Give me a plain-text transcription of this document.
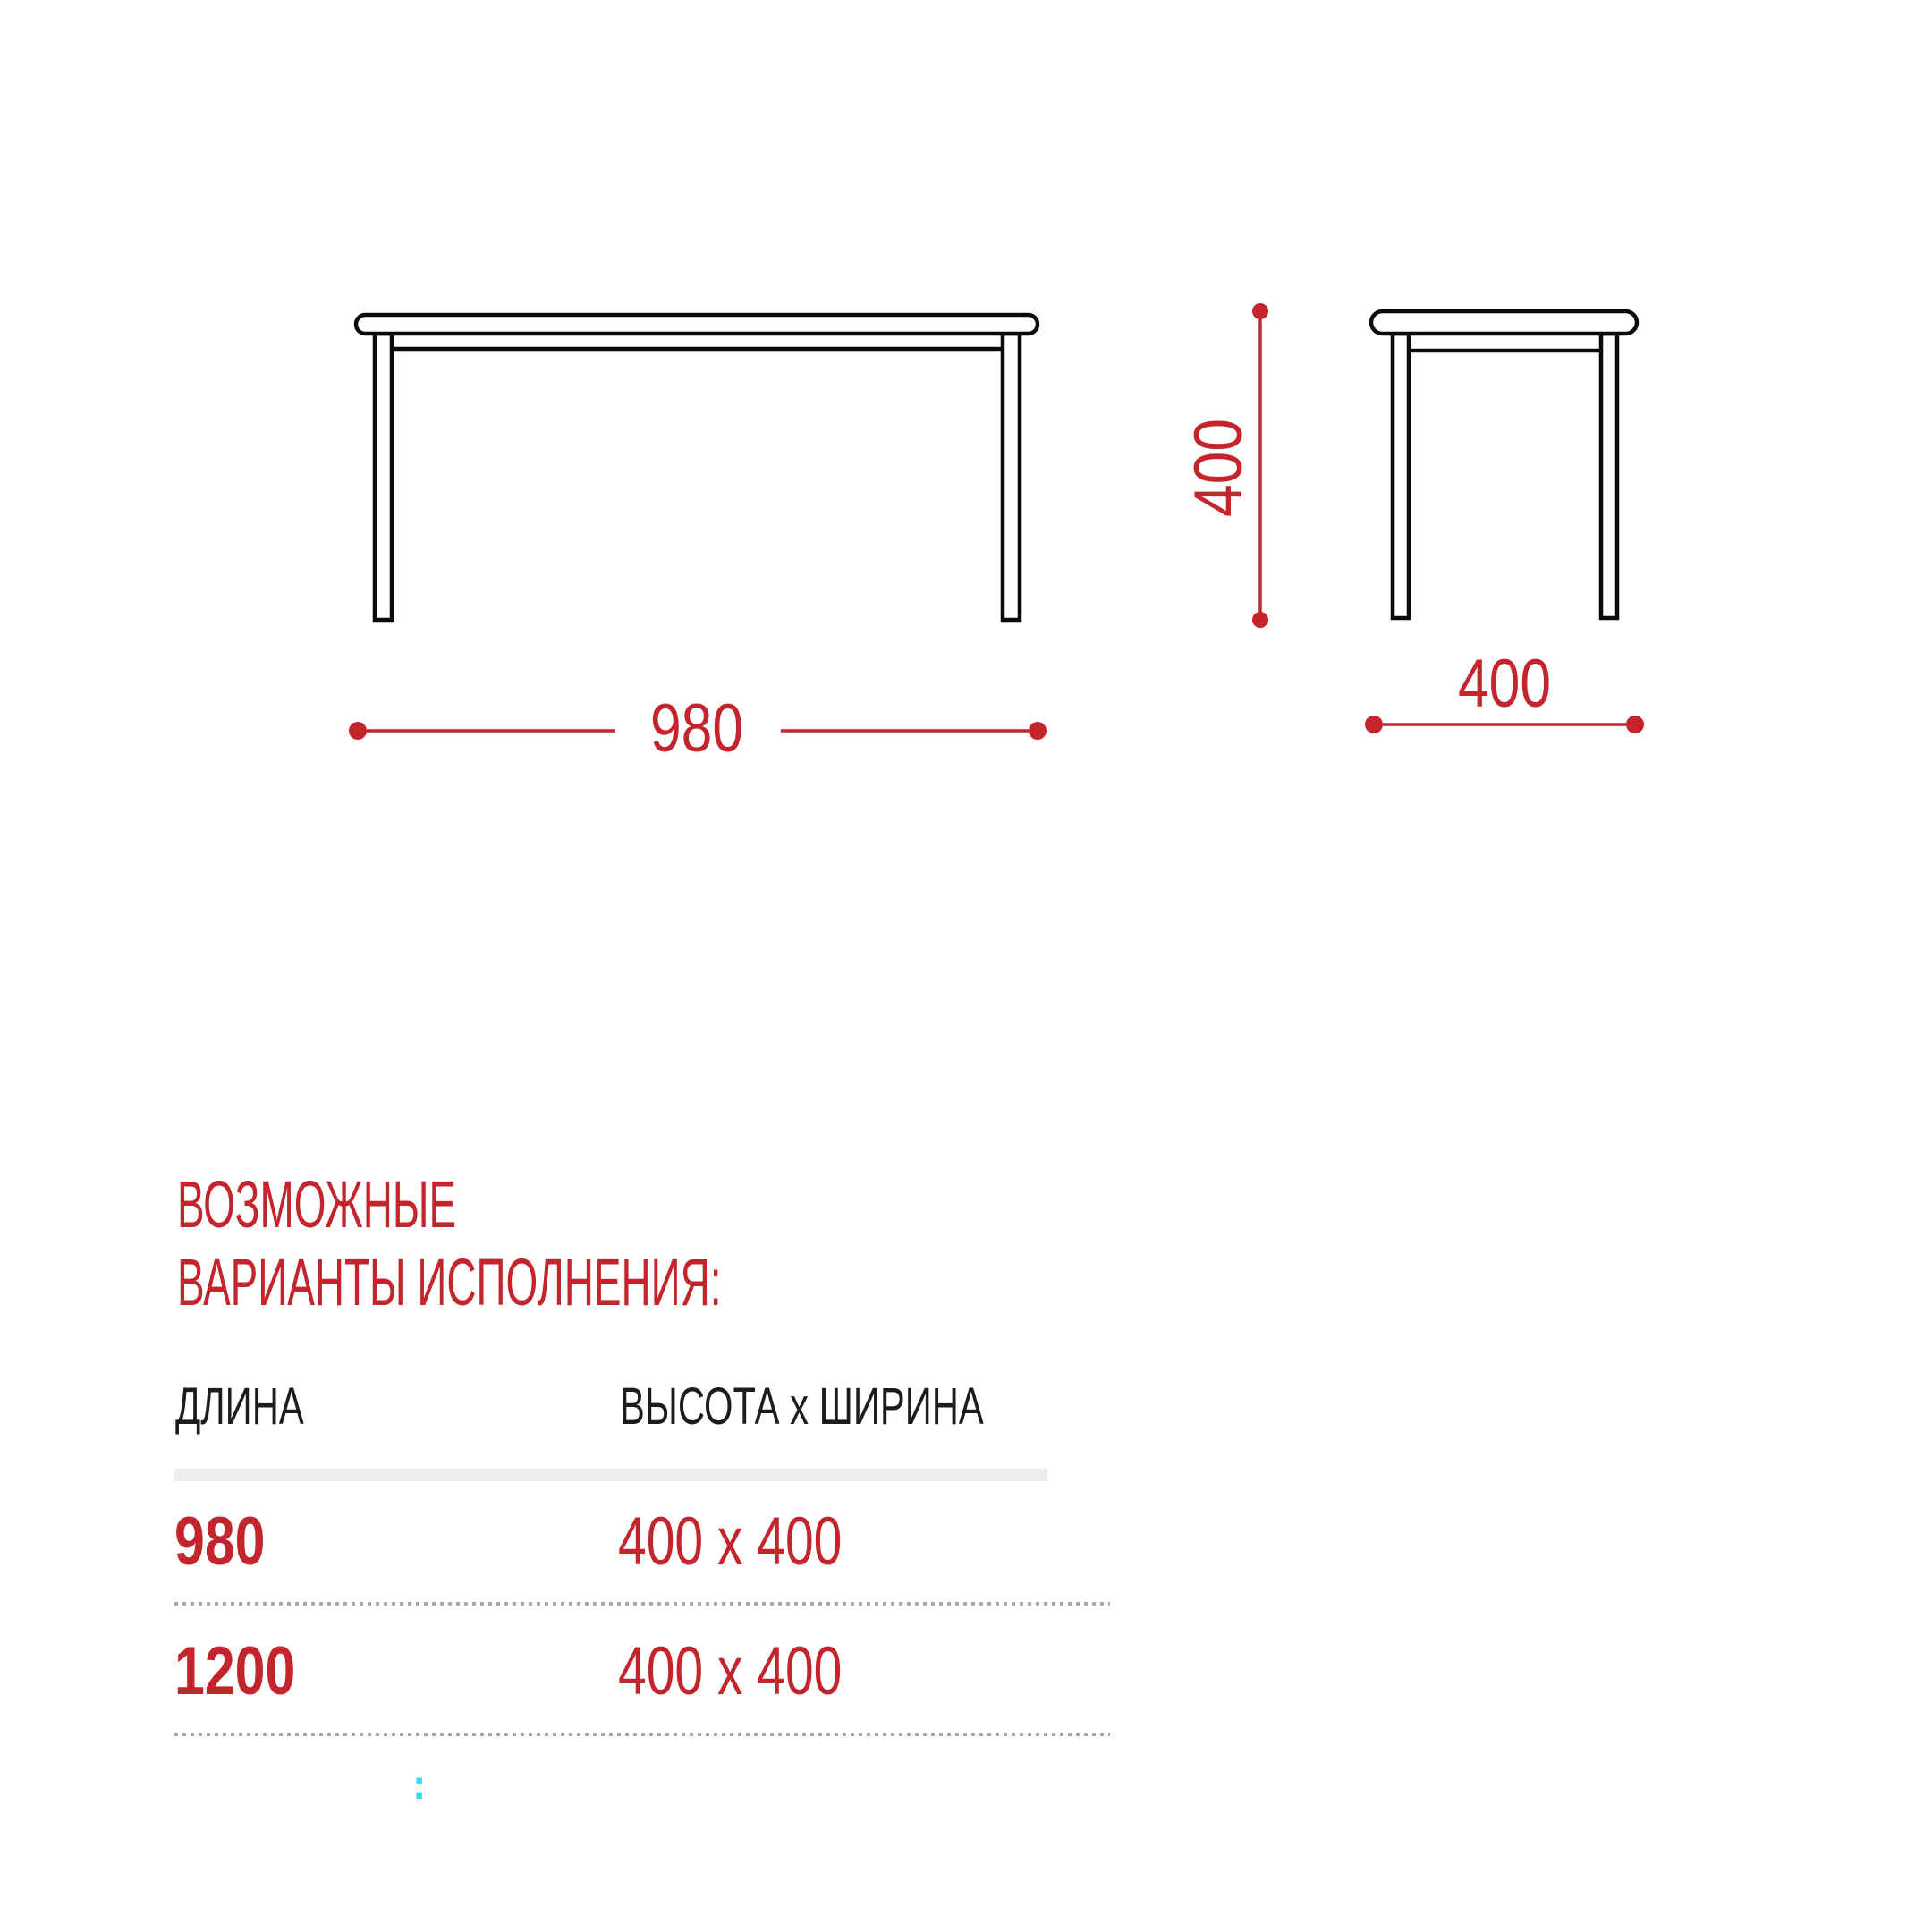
980
400
400
ВОЗМОЖНЫЕ
ВАРИАНТЫ ИСПОЛНЕНИЯ:
ДЛИНА	ВЫСОТА х ШИРИНА
980	400 х 400
1200	400 х 400
:
